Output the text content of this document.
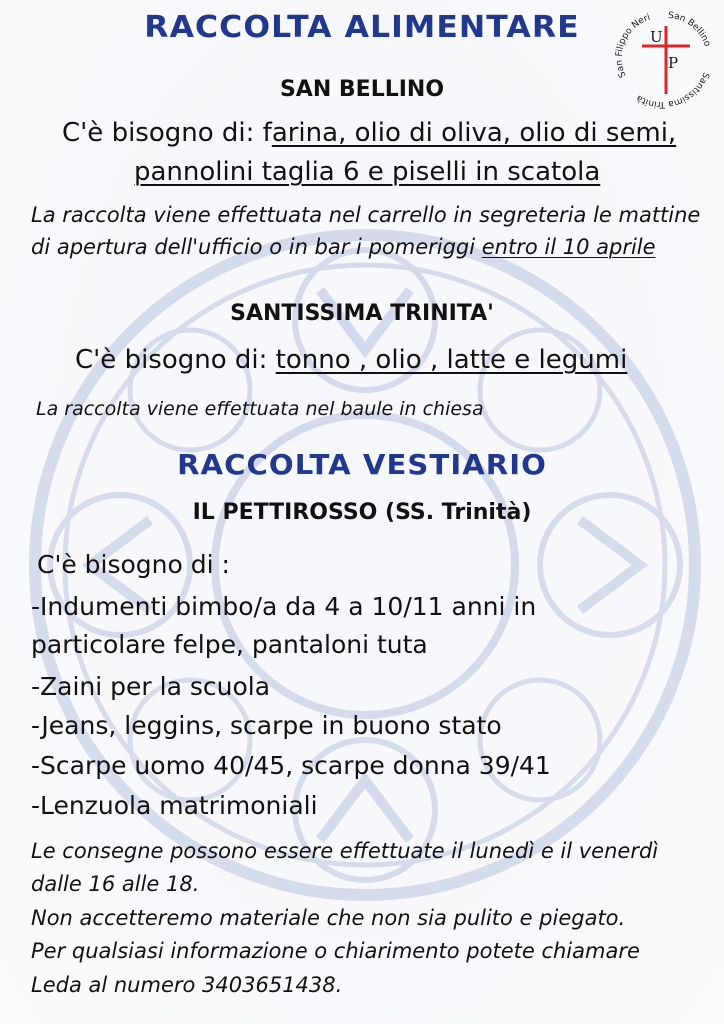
San Filippo Neri San Bellino
Santissima Trinità
U
P
RACCOLTA ALIMENTARE
SAN BELLINO
C'è bisogno di: farina, olio di oliva, olio di semi,
pannolini taglia 6 e piselli in scatola
La raccolta viene effettuata nel carrello in segreteria le mattine
di apertura dell'ufficio o in bar i pomeriggi entro il 10 aprile
SANTISSIMA TRINITA'
C'è bisogno di: tonno , olio , latte e legumi
La raccolta viene effettuata nel baule in chiesa
RACCOLTA VESTIARIO
IL PETTIROSSO (SS. Trinità)
C'è bisogno di :
-Indumenti bimbo/a da 4 a 10/11 anni in
particolare felpe, pantaloni tuta
-Zaini per la scuola
-Jeans, leggins, scarpe in buono stato
-Scarpe uomo 40/45, scarpe donna 39/41
-Lenzuola matrimoniali
Le consegne possono essere effettuate il lunedì e il venerdì
dalle 16 alle 18.
Non accetteremo materiale che non sia pulito e piegato.
Per qualsiasi informazione o chiarimento potete chiamare
Leda al numero 3403651438.
